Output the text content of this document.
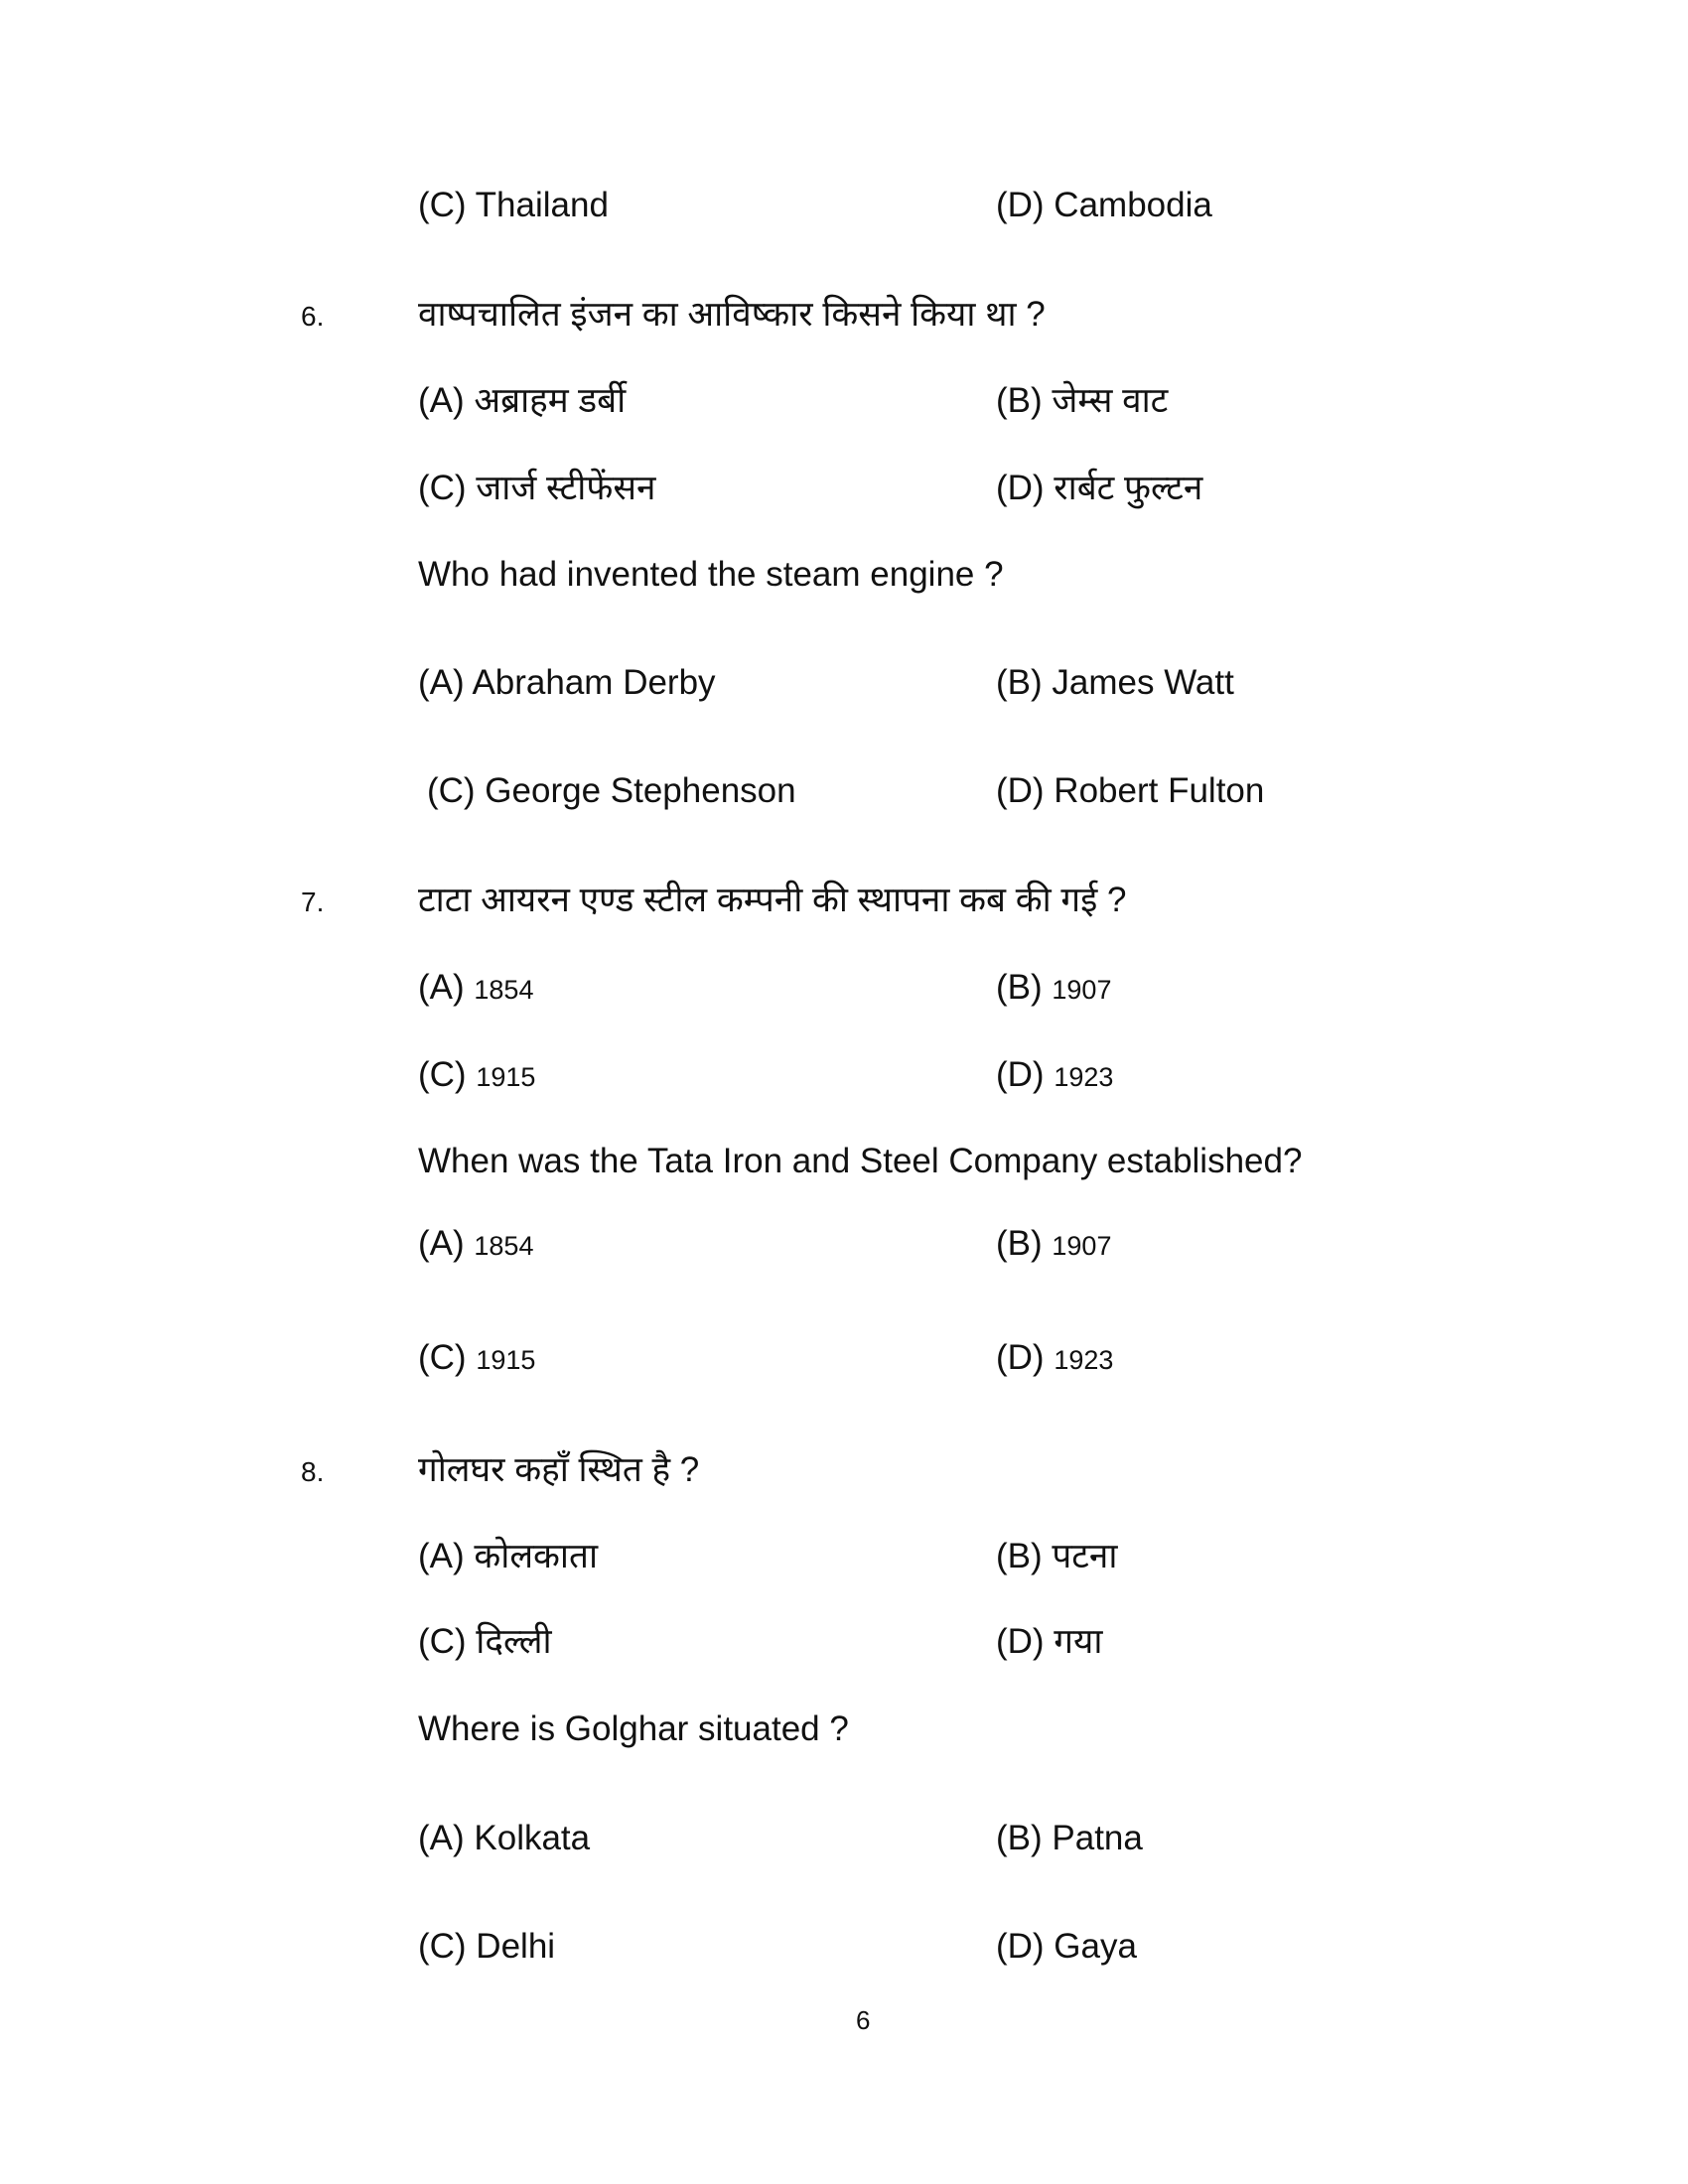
(C) Thailand	(D) Cambodia
6.	वाष्पचालित इंजन का आविष्कार किसने किया था ?
(A) अब्राहम डर्बी	(B) जेम्स वाट
(C) जार्ज स्टीफेंसन	(D) रार्बट फुल्टन
Who had invented the steam engine ?
(A) Abraham Derby	(B) James Watt
(C) George Stephenson	(D) Robert Fulton
7.	टाटा आयरन एण्ड स्टील कम्पनी की स्थापना कब की गई ?
(A) 1854	(B) 1907
(C) 1915	(D) 1923
When was the Tata Iron and Steel Company established?
(A) 1854	(B) 1907
(C) 1915	(D) 1923
8.	गोलघर कहाँ स्थित है ?
(A) कोलकाता	(B) पटना
(C) दिल्ली	(D) गया
Where is Golghar situated ?
(A) Kolkata	(B) Patna
(C) Delhi	(D) Gaya
6
